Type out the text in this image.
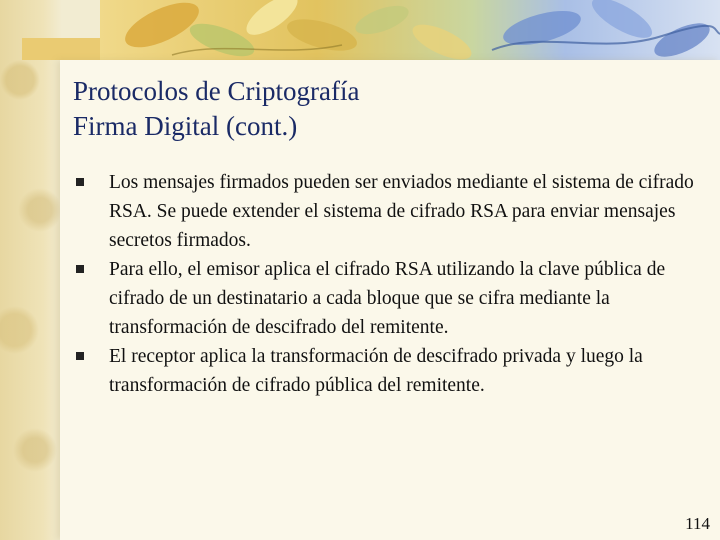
Protocolos de Criptografía
Firma Digital (cont.)
Los mensajes firmados pueden ser enviados mediante el sistema de cifrado RSA. Se puede extender el sistema de cifrado RSA para enviar mensajes secretos firmados.
Para ello, el emisor aplica el cifrado RSA utilizando la clave pública de cifrado de un destinatario a cada bloque que se cifra mediante la transformación de descifrado del remitente.
El receptor aplica la transformación de descifrado privada y luego la transformación de cifrado pública del remitente.
114
